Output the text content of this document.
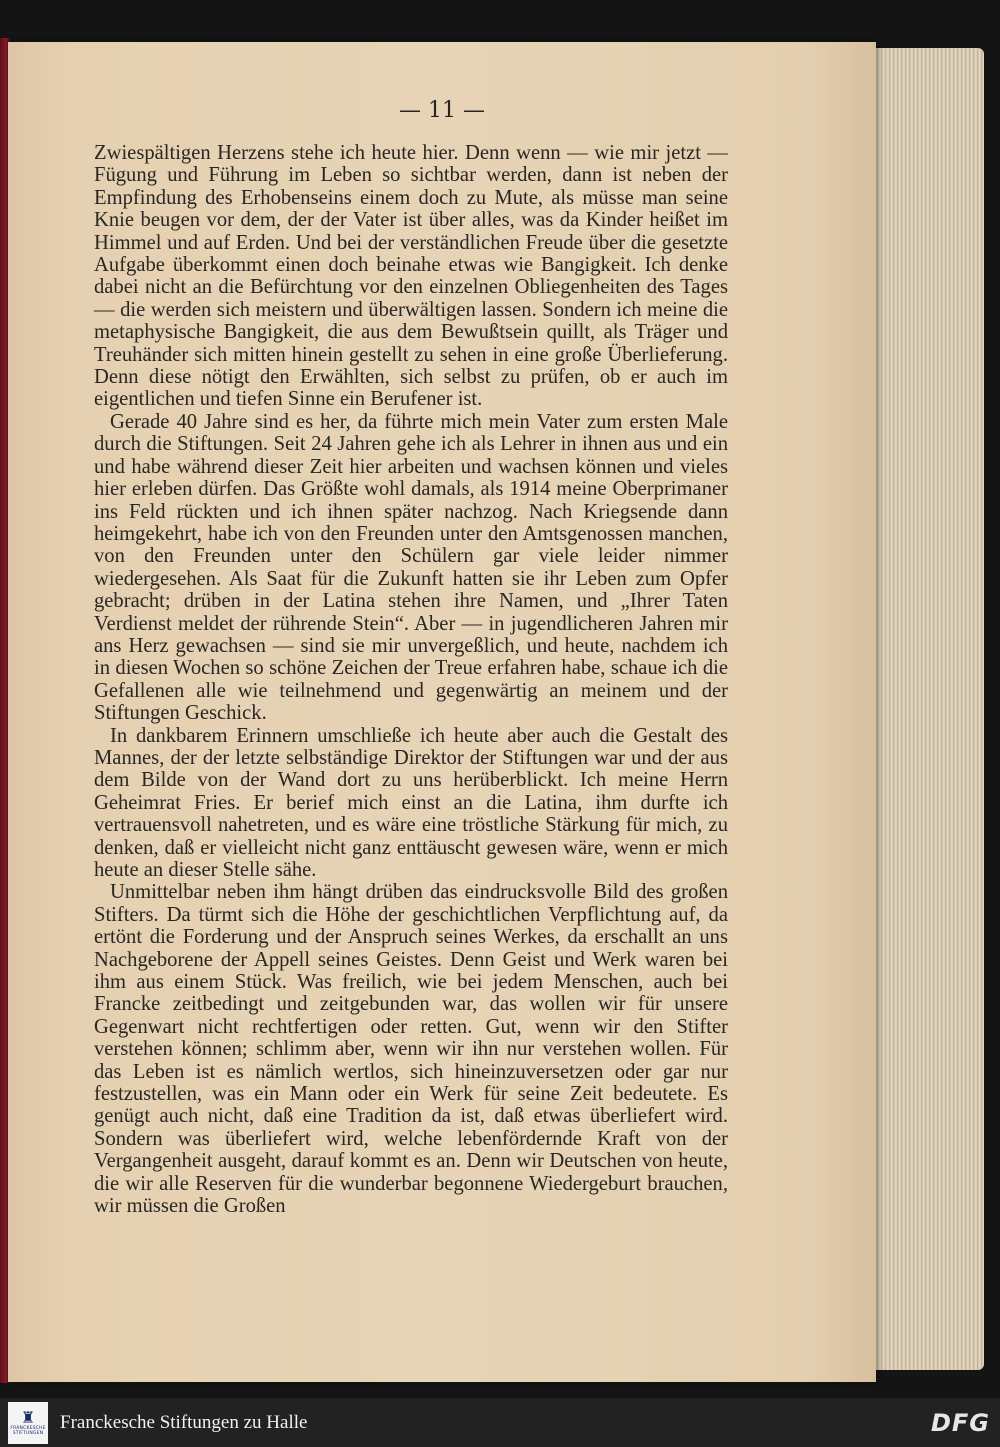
— 11 —

Zwiespältigen Herzens stehe ich heute hier. Denn wenn — wie mir jetzt — Fügung und Führung im Leben so sichtbar werden, dann ist neben der Empfindung des Erhobenseins einem doch zu Mute, als müsse man seine Knie beugen vor dem, der der Vater ist über alles, was da Kinder heißet im Himmel und auf Erden. Und bei der verständlichen Freude über die gesetzte Aufgabe überkommt einen doch beinahe etwas wie Bangigkeit. Ich denke dabei nicht an die Befürchtung vor den einzelnen Obliegenheiten des Tages — die werden sich meistern und überwältigen lassen. Sondern ich meine die metaphysische Bangigkeit, die aus dem Bewußtsein quillt, als Träger und Treuhänder sich mitten hinein gestellt zu sehen in eine große Überlieferung. Denn diese nötigt den Erwählten, sich selbst zu prüfen, ob er auch im eigentlichen und tiefen Sinne ein Berufener ist.

Gerade 40 Jahre sind es her, da führte mich mein Vater zum ersten Male durch die Stiftungen. Seit 24 Jahren gehe ich als Lehrer in ihnen aus und ein und habe während dieser Zeit hier arbeiten und wachsen können und vieles hier erleben dürfen. Das Größte wohl damals, als 1914 meine Oberprimaner ins Feld rückten und ich ihnen später nachzog. Nach Kriegsende dann heimgekehrt, habe ich von den Freunden unter den Amtsgenossen manchen, von den Freunden unter den Schülern gar viele leider nimmer wiedergesehen. Als Saat für die Zukunft hatten sie ihr Leben zum Opfer gebracht; drüben in der Latina stehen ihre Namen, und „Ihrer Taten Verdienst meldet der rührende Stein“. Aber — in jugendlicheren Jahren mir ans Herz gewachsen — sind sie mir unvergeßlich, und heute, nachdem ich in diesen Wochen so schöne Zeichen der Treue erfahren habe, schaue ich die Gefallenen alle wie teilnehmend und gegenwärtig an meinem und der Stiftungen Geschick.

In dankbarem Erinnern umschließe ich heute aber auch die Gestalt des Mannes, der der letzte selbständige Direktor der Stiftungen war und der aus dem Bilde von der Wand dort zu uns herüberblickt. Ich meine Herrn Geheimrat Fries. Er berief mich einst an die Latina, ihm durfte ich vertrauensvoll nahetreten, und es wäre eine tröstliche Stärkung für mich, zu denken, daß er vielleicht nicht ganz enttäuscht gewesen wäre, wenn er mich heute an dieser Stelle sähe.

Unmittelbar neben ihm hängt drüben das eindrucksvolle Bild des großen Stifters. Da türmt sich die Höhe der geschichtlichen Verpflichtung auf, da ertönt die Forderung und der Anspruch seines Werkes, da erschallt an uns Nachgeborene der Appell seines Geistes. Denn Geist und Werk waren bei ihm aus einem Stück. Was freilich, wie bei jedem Menschen, auch bei Francke zeitbedingt und zeitgebunden war, das wollen wir für unsere Gegenwart nicht rechtfertigen oder retten. Gut, wenn wir den Stifter verstehen können; schlimm aber, wenn wir ihn nur verstehen wollen. Für das Leben ist es nämlich wertlos, sich hineinzuversetzen oder gar nur festzustellen, was ein Mann oder ein Werk für seine Zeit bedeutete. Es genügt auch nicht, daß eine Tradition da ist, daß etwas überliefert wird. Sondern was überliefert wird, welche lebenfördernde Kraft von der Vergangenheit ausgeht, darauf kommt es an. Denn wir Deutschen von heute, die wir alle Reserven für die wunderbar begonnene Wiedergeburt brauchen, wir müssen die Großen

♜
FRANCKESCHE
STIFTUNGEN
Franckesche Stiftungen zu Halle	DFG
